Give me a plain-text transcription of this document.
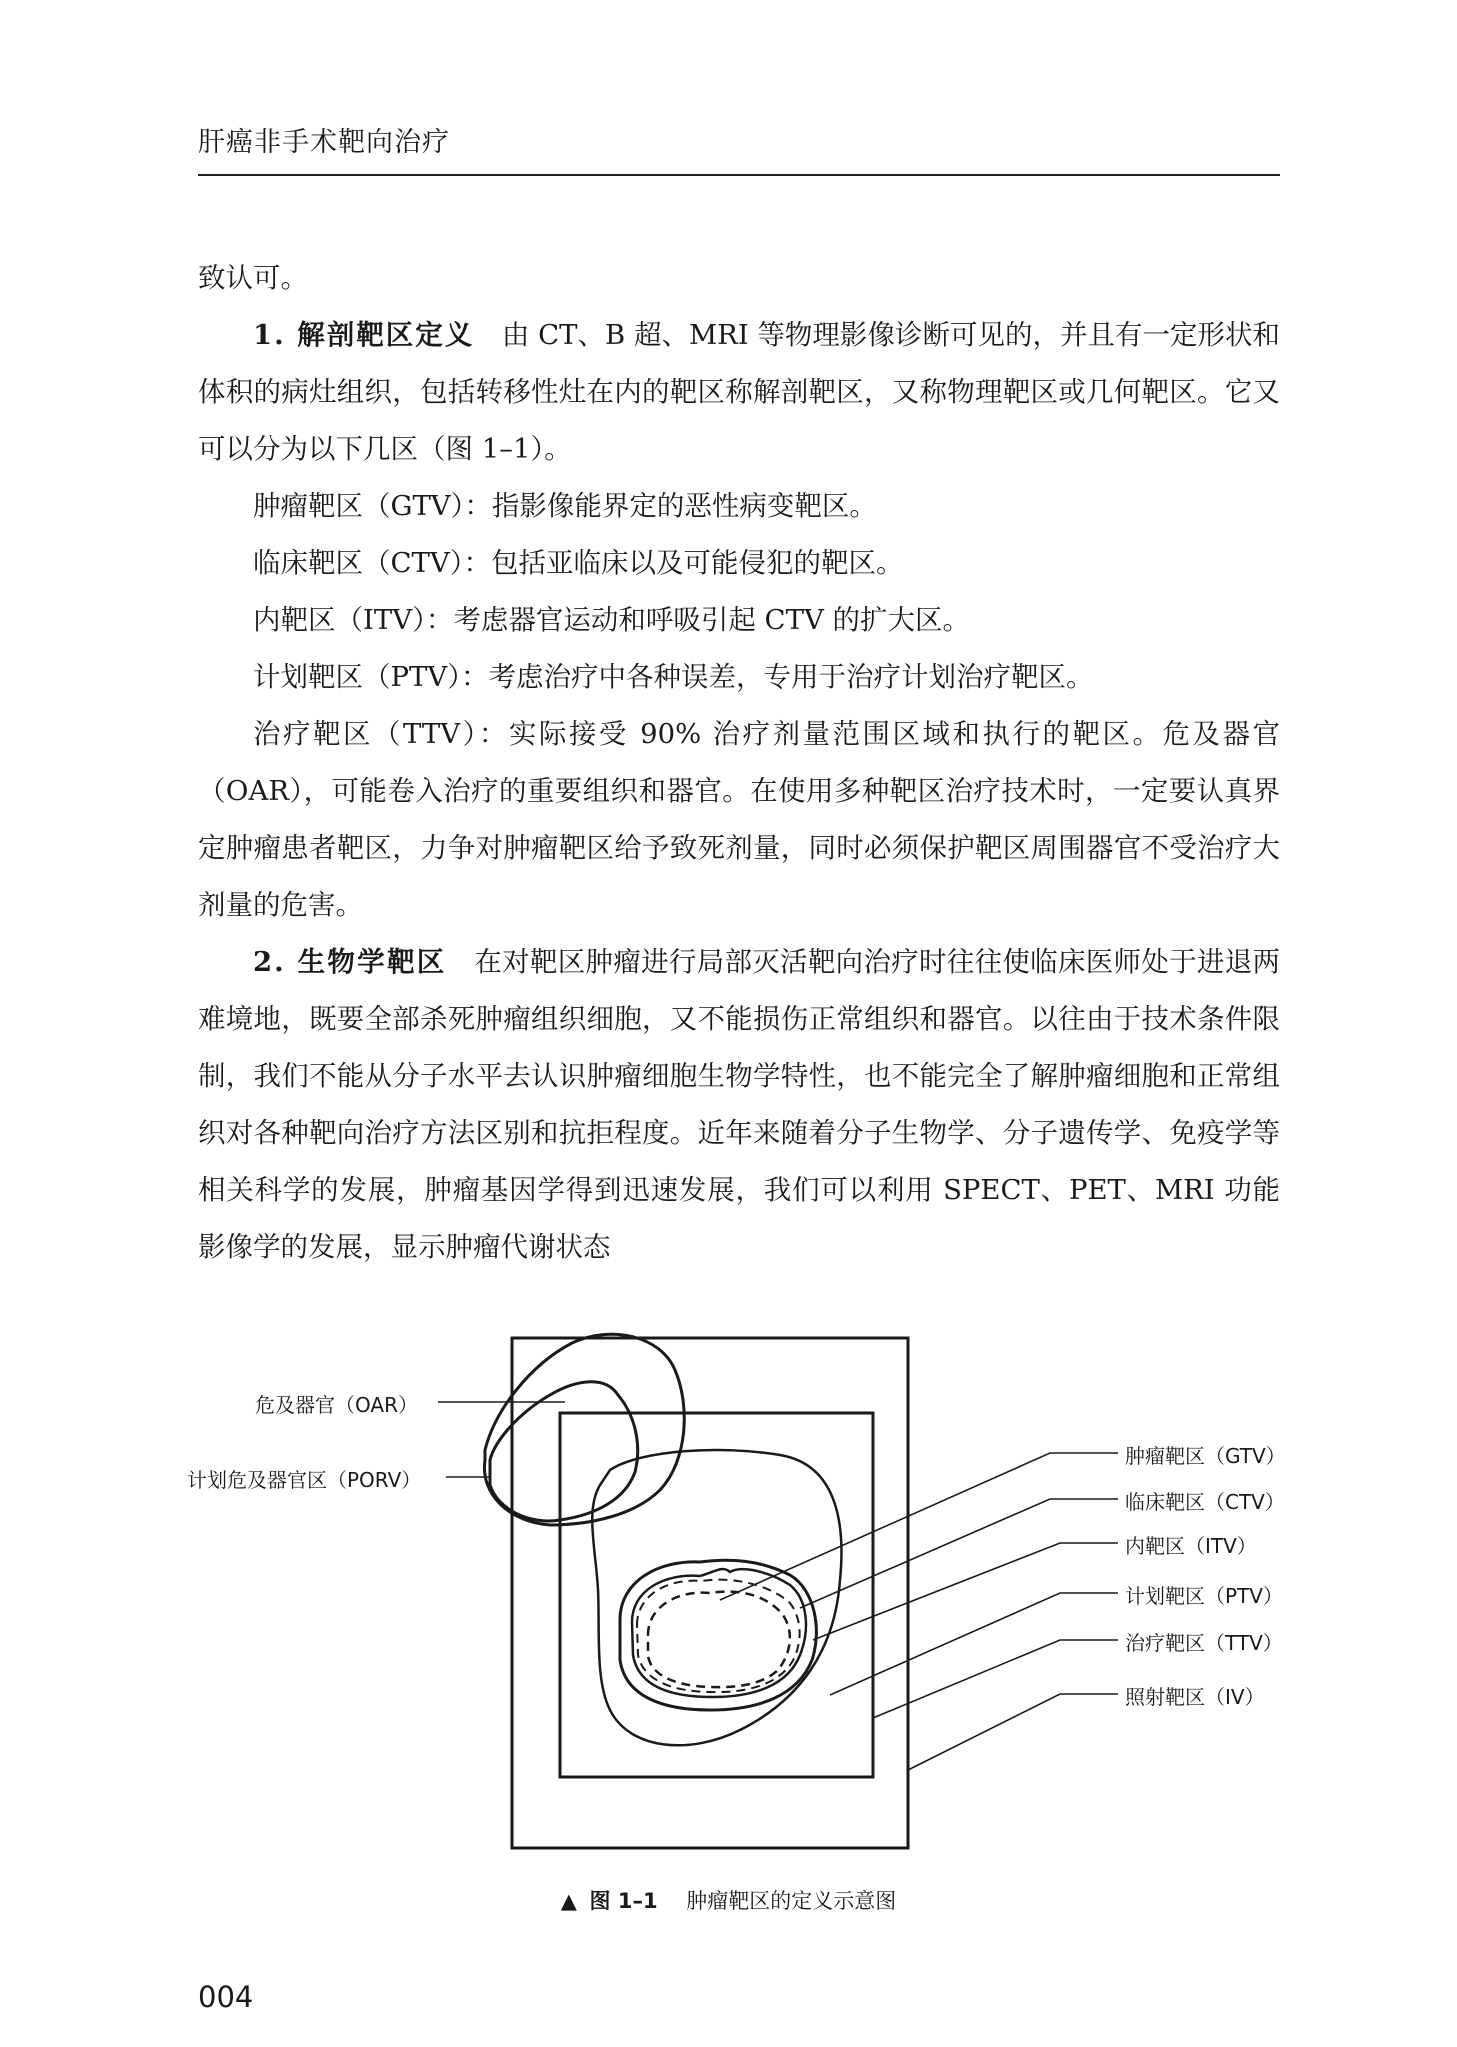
肝癌非手术靶向治疗

致认可。

1. 解剖靶区定义　 由 CT、B 超、MRI 等物理影像诊断可见的，并且有一定形状和体积的病灶组织，包括转移性灶在内的靶区称解剖靶区，又称物理靶区或几何靶区。它又可以分为以下几区（图 1–1）。

肿瘤靶区（GTV）：指影像能界定的恶性病变靶区。

临床靶区（CTV）：包括亚临床以及可能侵犯的靶区。

内靶区（ITV）：考虑器官运动和呼吸引起 CTV 的扩大区。

计划靶区（PTV）：考虑治疗中各种误差，专用于治疗计划治疗靶区。

治疗靶区（TTV）：实际接受 90% 治疗剂量范围区域和执行的靶区。危及器官（OAR），可能卷入治疗的重要组织和器官。在使用多种靶区治疗技术时，一定要认真界定肿瘤患者靶区，力争对肿瘤靶区给予致死剂量，同时必须保护靶区周围器官不受治疗大剂量的危害。

2. 生物学靶区　 在对靶区肿瘤进行局部灭活靶向治疗时往往使临床医师处于进退两难境地，既要全部杀死肿瘤组织细胞，又不能损伤正常组织和器官。以往由于技术条件限制，我们不能从分子水平去认识肿瘤细胞生物学特性，也不能完全了解肿瘤细胞和正常组织对各种靶向治疗方法区别和抗拒程度。近年来随着分子生物学、分子遗传学、免疫学等相关科学的发展，肿瘤基因学得到迅速发展，我们可以利用 SPECT、PET、MRI 功能影像学的发展，显示肿瘤代谢状态

危及器官（OAR）
计划危及器官区（PORV）
肿瘤靶区（GTV）
临床靶区（CTV）
内靶区（ITV）
计划靶区（PTV）
治疗靶区（TTV）
照射靶区（IV）
▲ 图 1–1 肿瘤靶区的定义示意图
004
